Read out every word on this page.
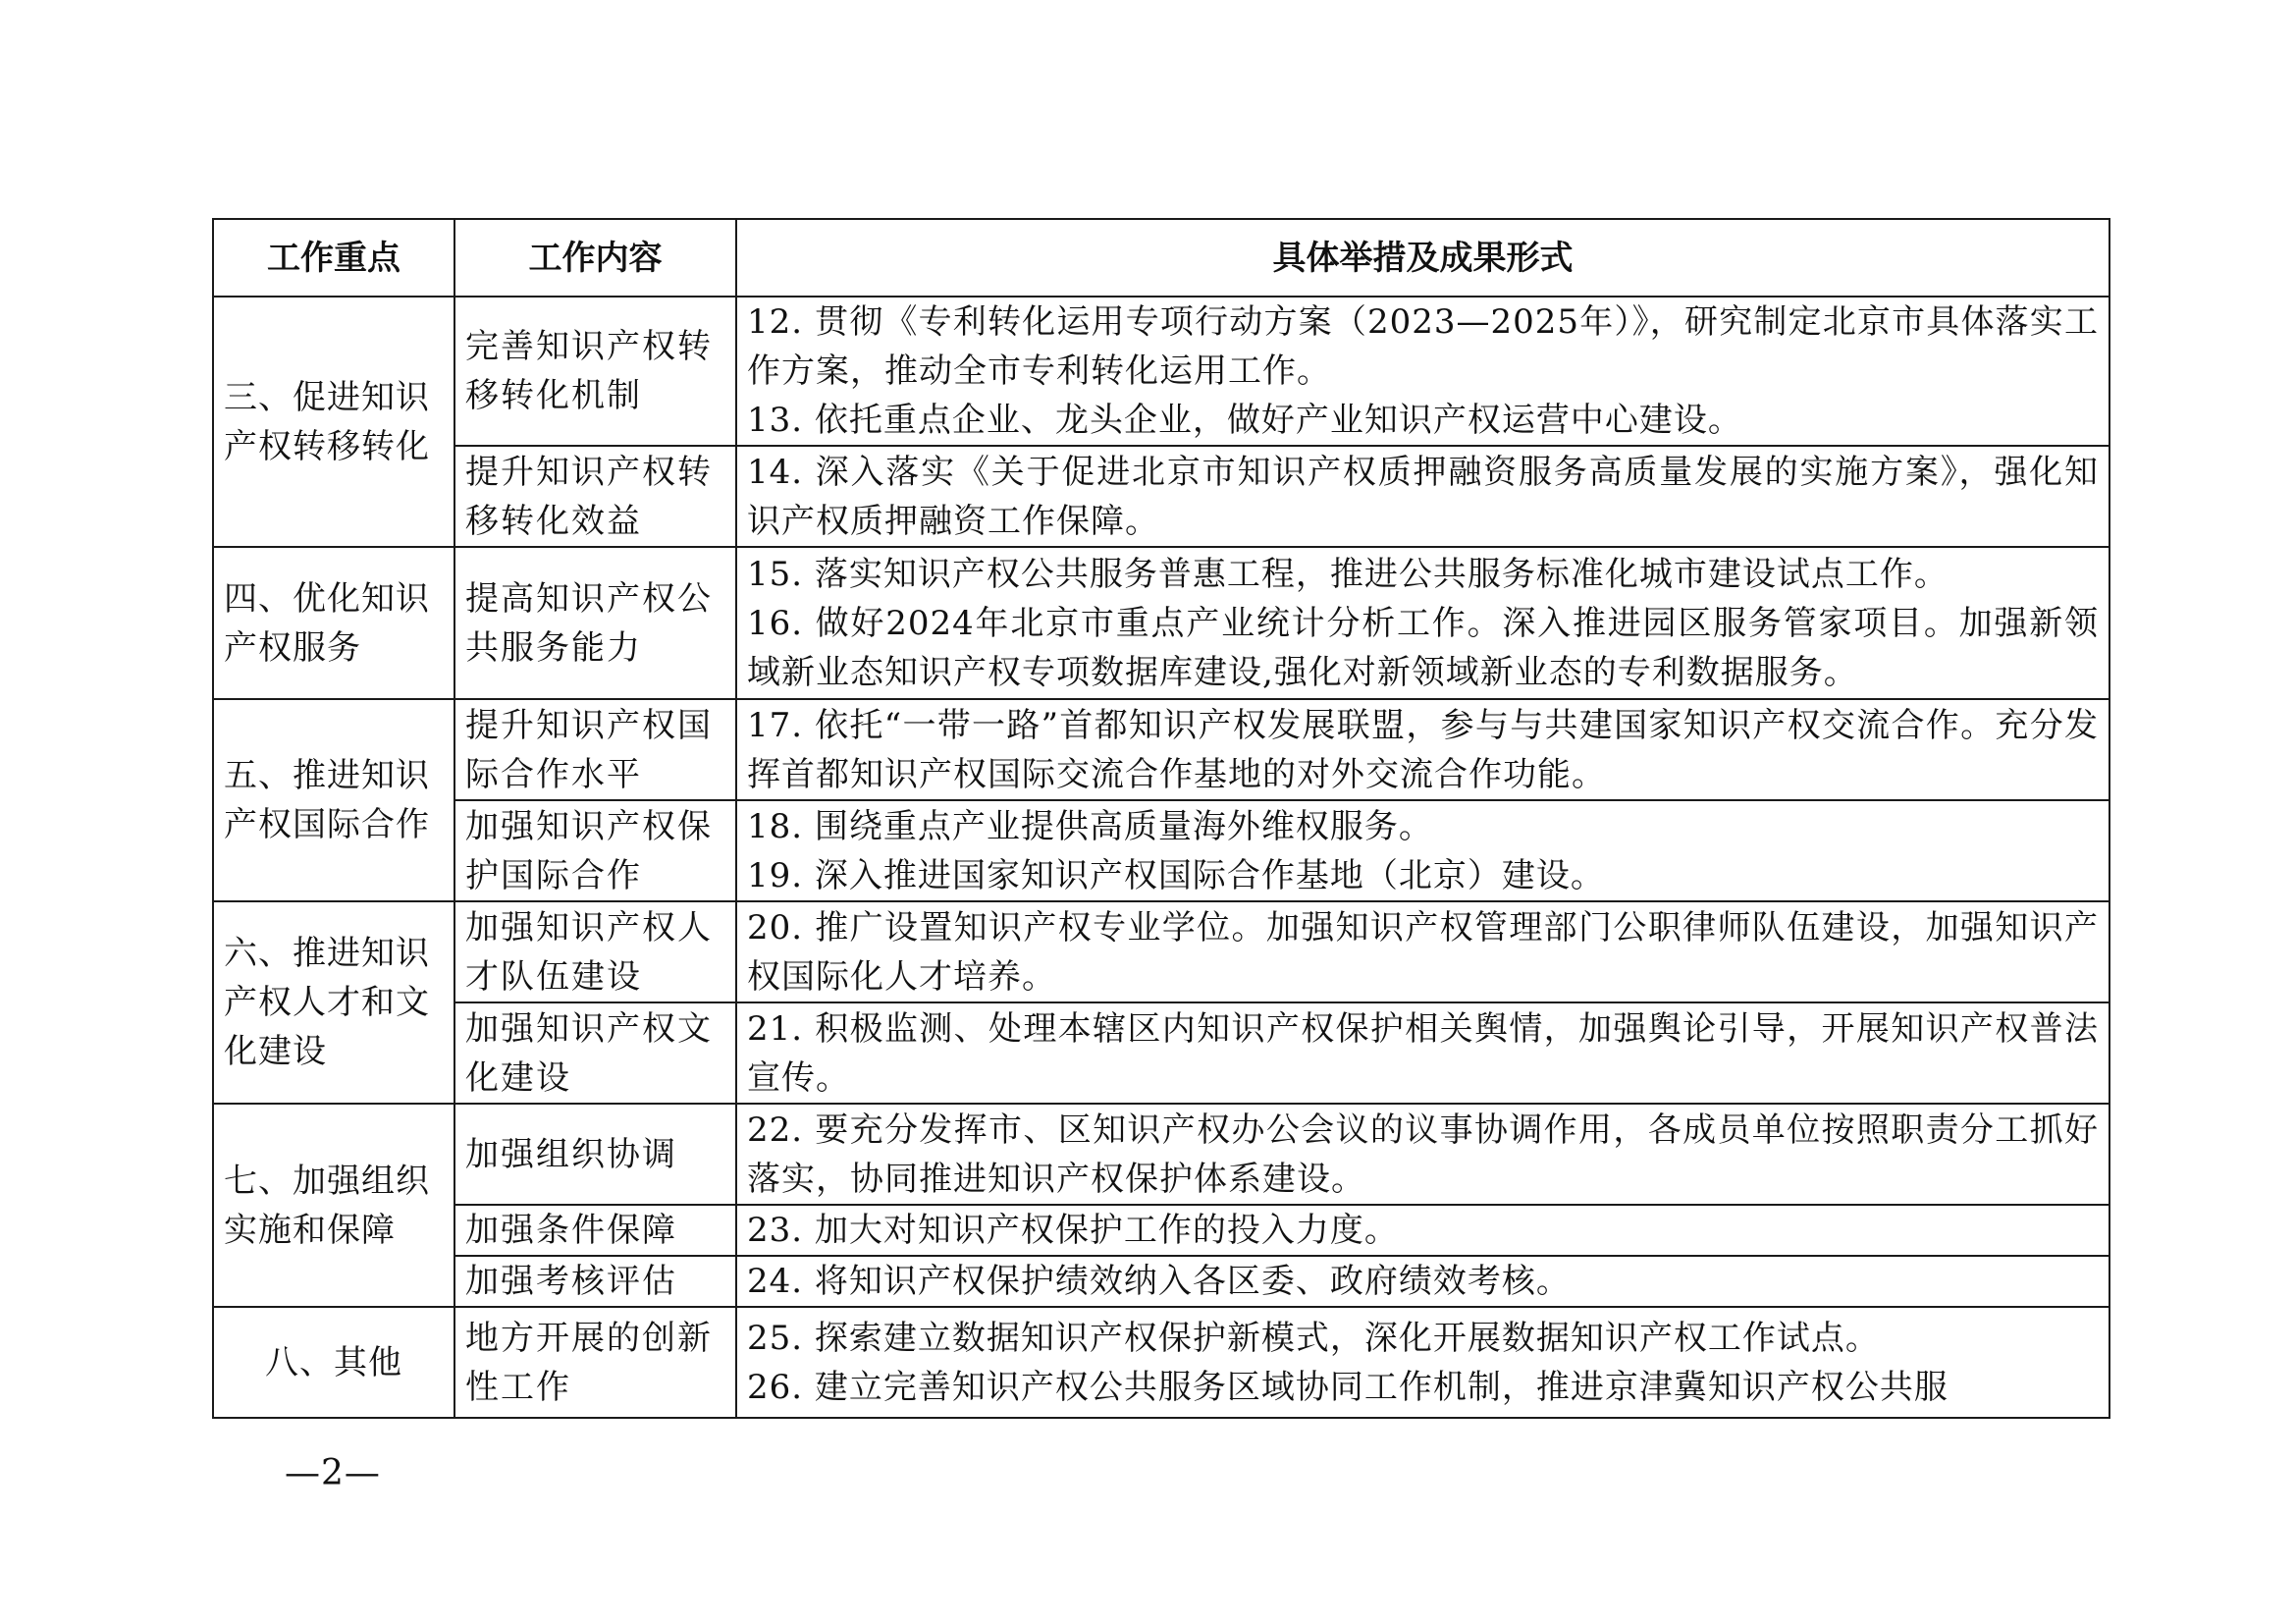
工作重点	工作内容	具体举措及成果形式
三、促进知识产权转移转化	完善知识产权转移转化机制	12. 贯彻《专利转化运用专项行动方案（2023—2025年）》，研究制定北京市具体落实工作方案，推动全市专利转化运用工作。
13. 依托重点企业、龙头企业，做好产业知识产权运营中心建设。

	提升知识产权转移转化效益	14. 深入落实《关于促进北京市知识产权质押融资服务高质量发展的实施方案》，强化知识产权质押融资工作保障。

四、优化知识产权服务	提高知识产权公共服务能力	15. 落实知识产权公共服务普惠工程，推进公共服务标准化城市建设试点工作。
16. 做好2024年北京市重点产业统计分析工作。深入推进园区服务管家项目。加强新领域新业态知识产权专项数据库建设,强化对新领域新业态的专利数据服务。

五、推进知识产权国际合作	提升知识产权国际合作水平	17. 依托“一带一路”首都知识产权发展联盟，参与与共建国家知识产权交流合作。充分发挥首都知识产权国际交流合作基地的对外交流合作功能。

	加强知识产权保护国际合作	18. 围绕重点产业提供高质量海外维权服务。
19. 深入推进国家知识产权国际合作基地（北京）建设。

六、推进知识产权人才和文化建设	加强知识产权人才队伍建设	20. 推广设置知识产权专业学位。加强知识产权管理部门公职律师队伍建设，加强知识产权国际化人才培养。

	加强知识产权文化建设	21. 积极监测、处理本辖区内知识产权保护相关舆情，加强舆论引导，开展知识产权普法宣传。

七、加强组织实施和保障	加强组织协调	22. 要充分发挥市、区知识产权办公会议的议事协调作用，各成员单位按照职责分工抓好落实，协同推进知识产权保护体系建设。

	加强条件保障	23. 加大对知识产权保护工作的投入力度。

	加强考核评估	24. 将知识产权保护绩效纳入各区委、政府绩效考核。

八、其他	地方开展的创新性工作	25. 探索建立数据知识产权保护新模式，深化开展数据知识产权工作试点。
26. 建立完善知识产权公共服务区域协同工作机制，推进京津冀知识产权公共服
—2—
